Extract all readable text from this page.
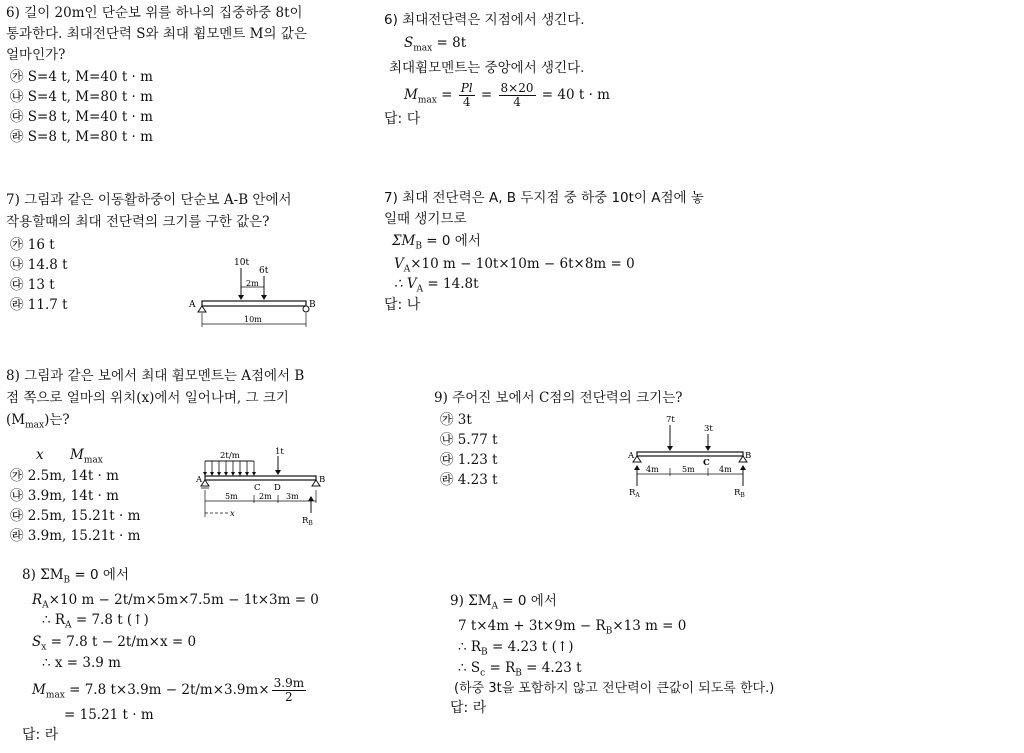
6) 길이 20m인 단순보 위를 하나의 집중하중 8t이
통과한다. 최대전단력 S와 최대 휨모멘트 M의 값은
얼마인가?
㉮ S=4 t, M=40 t · m
㉯ S=4 t, M=80 t · m
㉰ S=8 t, M=40 t · m
㉱ S=8 t, M=80 t · m
6) 최대전단력은 지점에서 생긴다.
$S_{max} = 8t$
최대휨모멘트는 중앙에서 생긴다.
$M_{max} = \frac{Pl}{4} = \frac{8\times 20}{4} = 40$ t · m
답: 다
7) 그림과 같은 이동활하중이 단순보 A-B 안에서
작용할때의 최대 전단력의 크기를 구한 값은?
㉮ 16 t
㉯ 14.8 t
㉰ 13 t
㉱ 11.7 t
10t
6t
2m
A	B
10m
7) 최대 전단력은 A, B 두지점 중 하중 10t이 A점에 놓
일때 생기므로
$\Sigma M_B = 0$ 에서
$V_A\times 10$ m − 10t×10m − 6t×8m = 0
∴ $V_A = 14.8t$
답: 나
8) 그림과 같은 보에서 최대 휨모멘트는 A점에서 B
점 쪽으로 얼마의 위치(x)에서 일어나며, 그 크기
$(M_{max})$는?
x $M_{max}$
㉮ 2.5m, 14t · m
㉯ 3.9m, 14t · m
㉰ 2.5m, 15.21t · m
㉱ 3.9m, 15.21t · m
2t/m	1t
A	B
C D
5m	2m 3m
x
$R_B$
8) $\Sigma M_B = 0$ 에서
$R_A\times 10$ m − 2t/m×5m×7.5m − 1t×3m = 0
∴ $R_A = 7.8$ t (↑)
$S_x = 7.8$ t − 2t/m×x = 0
∴ x = 3.9 m
$M_{max} = 7.8$ $t\times 3.9m - 2t/m\times 3.9m\times \frac{3.9m}{2}$
= 15.21 t · m
답: 라
9) 주어진 보에서 C점의 전단력의 크기는?
㉮ 3t
㉯ 5.77 t
㉰ 1.23 t
㉱ 4.23 t
7t
3t
A	B
C
4m	5m	4m
$R_A$	$R_B$
9) $\Sigma M_A = 0$ 에서
7 $t\times 4m + 3t\times 9m - R_B\times 13$ m = 0
∴ $R_B = 4.23$ t (↑)
∴ $S_c = R_B = 4.23$ t
(하중 3t을 포함하지 않고 전단력이 큰값이 되도록 한다.)
답: 라
